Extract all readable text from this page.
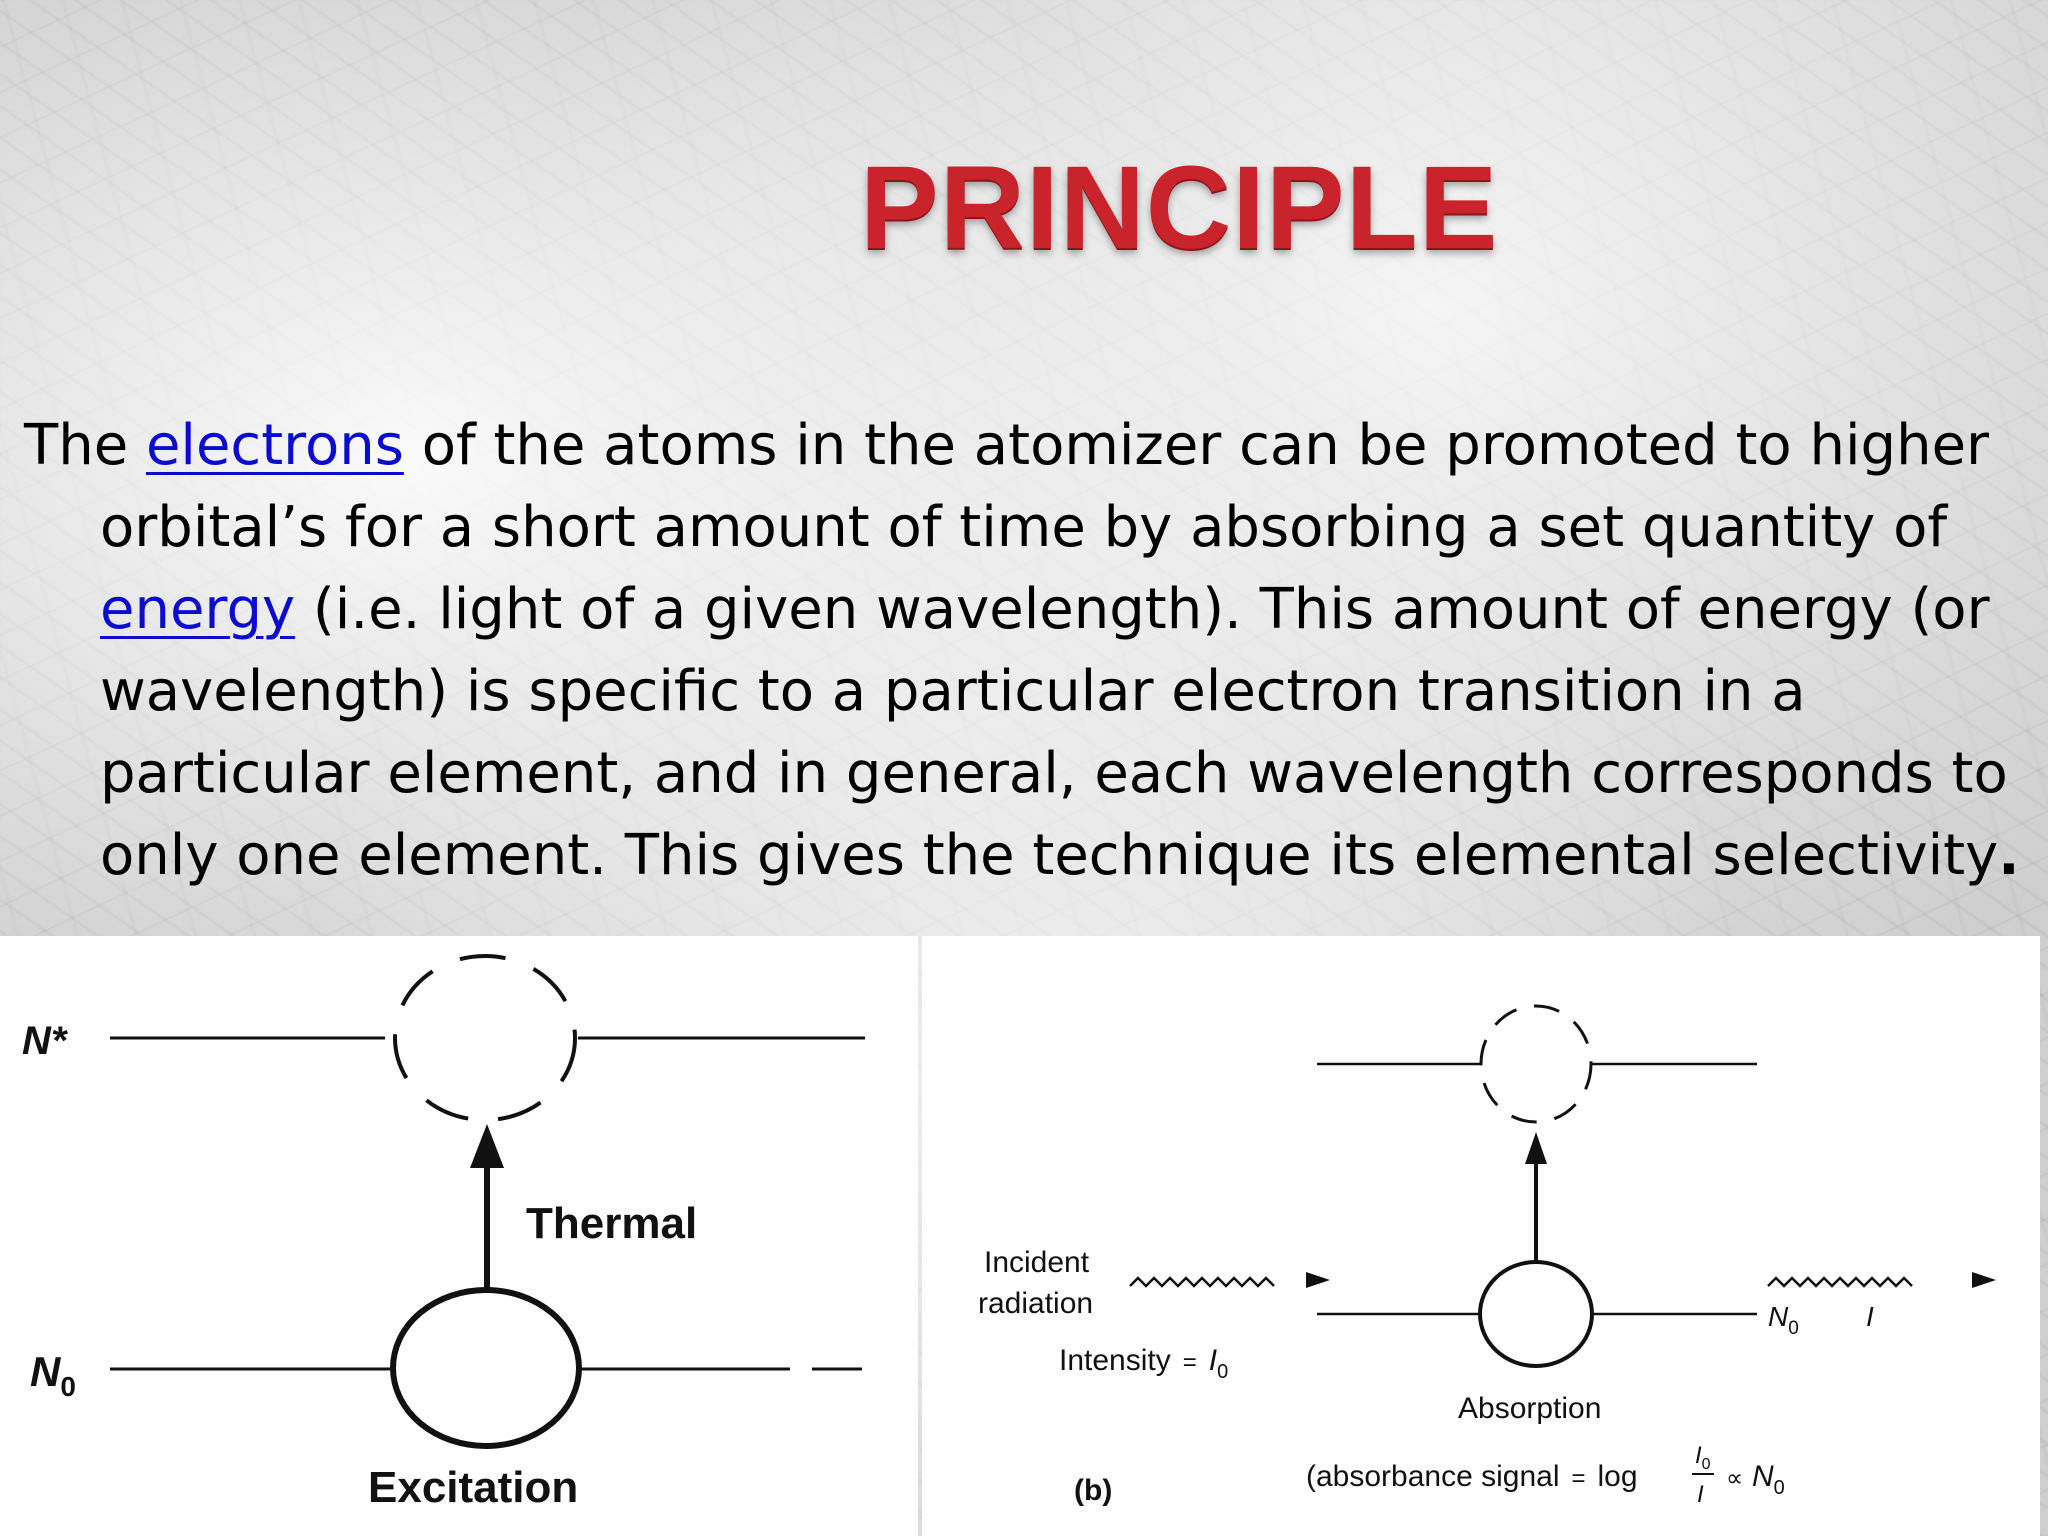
PRINCIPLE

The electrons of the atoms in the atomizer can be promoted to higher orbital’s for a short amount of time by absorbing a set quantity of energy (i.e. light of a given wavelength). This amount of energy (or wavelength) is specific to a particular electron transition in a particular element, and in general, each wavelength corresponds to only one element. This gives the technique its elemental selectivity.

N*
$N_0$
Thermal
Excitation
Incident
radiation
Intensity = $I_0$
$N_0$ I
Absorption
(b)	(absorbance signal = log
$I_0$
I
∝ $N_0$
